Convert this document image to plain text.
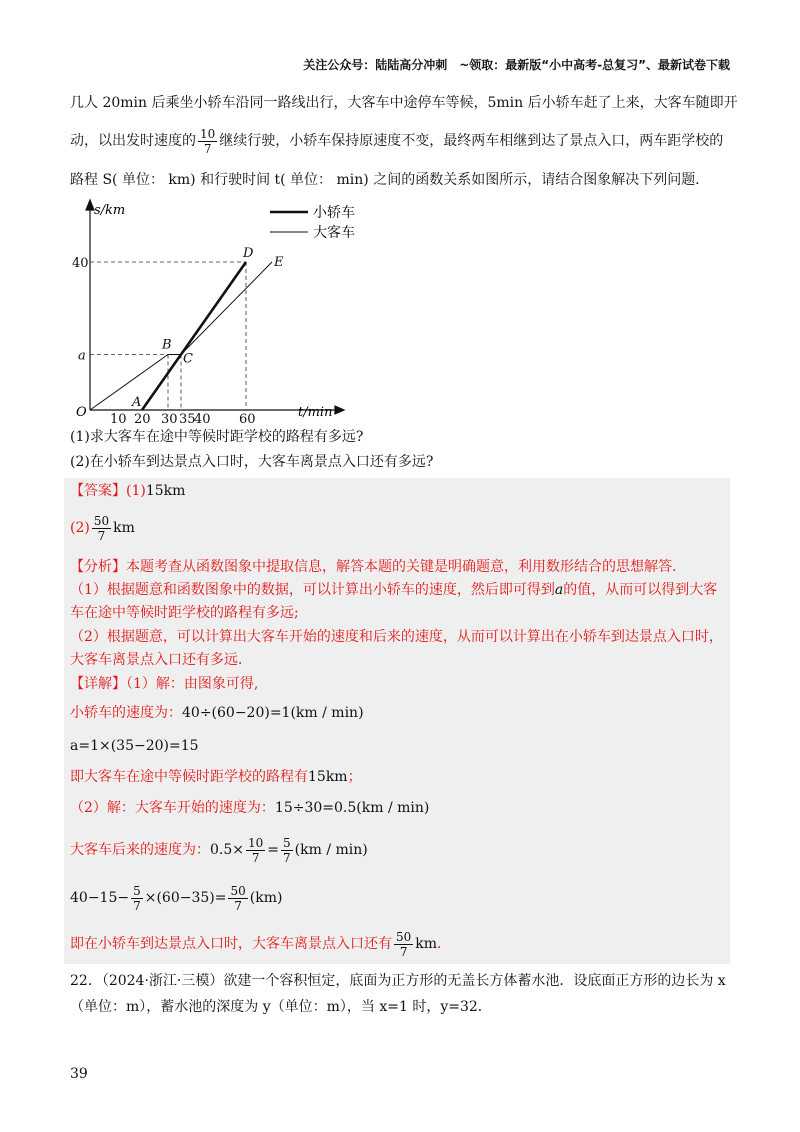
关注公众号：陆陆高分冲刺　~领取：最新版“小中高考-总复习”、最新试卷下载
几人 20min 后乘坐小轿车沿同一路线出行，大客车中途停车等候，5min 后小轿车赶了上来，大客车随即开
动，以出发时速度的 $\frac{10}{7}$ 继续行驶，小轿车保持原速度不变，最终两车相继到达了景点入口，两车距学校的
路程 S( 单位： km) 和行驶时间 t( 单位： min) 之间的函数关系如图所示，请结合图象解决下列问题．
40
a
10 20 30 35
40 60
A
B
C
D
E
s/km
t/min
O
小轿车
大客车
(1)求大客车在途中等候时距学校的路程有多远?
(2)在小轿车到达景点入口时，大客车离景点入口还有多远?
【答案】(1)15km
$(2) \frac{50}{7}$ km
【分析】本题考查从函数图象中提取信息，解答本题的关键是明确题意，利用数形结合的思想解答．
（1）根据题意和函数图象中的数据，可以计算出小轿车的速度，然后即可得到a的值，从而可以得到大客
车在途中等候时距学校的路程有多远;
（2）根据题意，可以计算出大客车开始的速度和后来的速度，从而可以计算出在小轿车到达景点入口时，
大客车离景点入口还有多远．
【详解】（1）解：由图象可得,
小轿车的速度为：40÷(60−20)=1(km / min)
a=1×(35−20)=15
即大客车在途中等候时距学校的路程有15km；
（2）解：大客车开始的速度为：15÷30=0.5(km / min)
大客车后来的速度为：$0.5\times \frac{10}{7} = \frac{5}{7} (km / \min)$
$40-15- \frac{5}{7} \times(60-35)= \frac{50}{7} (km)$
即在小轿车到达景点入口时，大客车离景点入口还有 $\frac{50}{7}$ km．
22．（2024·浙江·三模）欲建一个容积恒定，底面为正方形的无盖长方体蓄水池．设底面正方形的边长为 x
（单位：m），蓄水池的深度为 y（单位：m），当 x=1 时，y=32．
39
